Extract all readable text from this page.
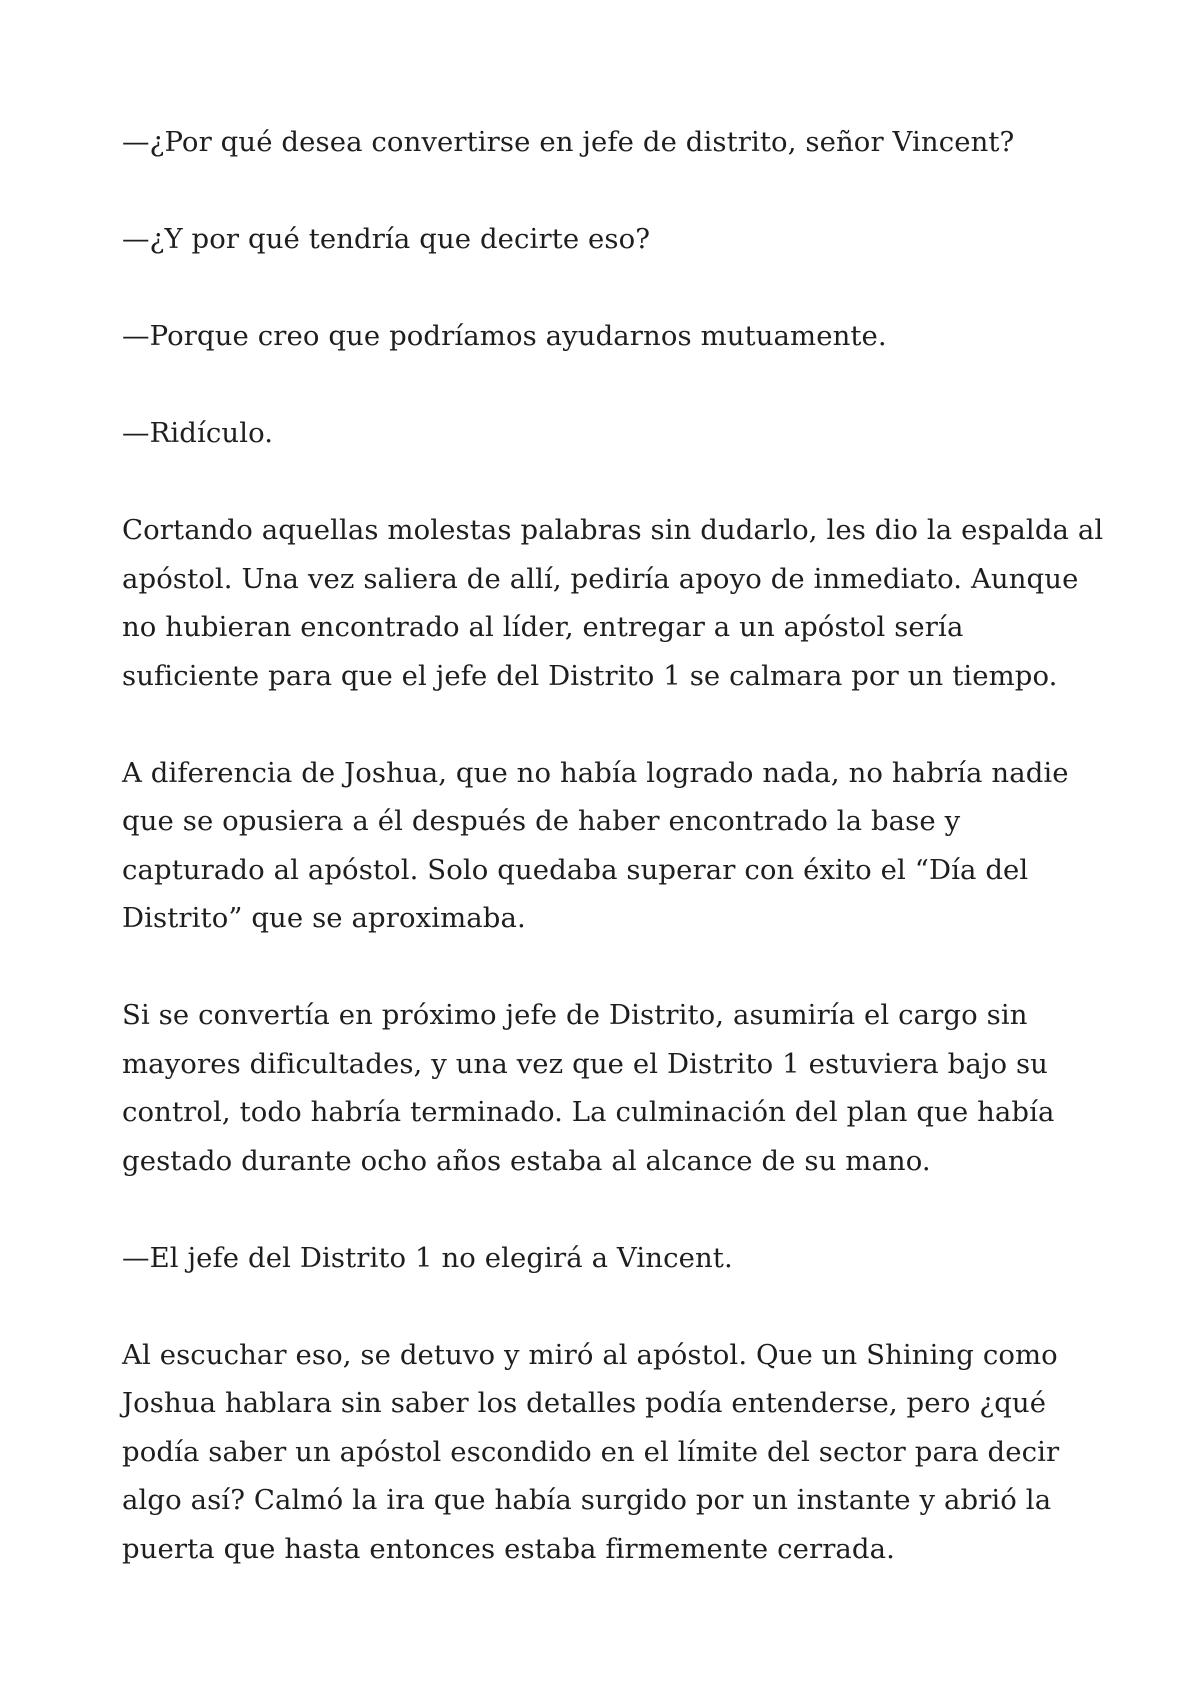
—¿Por qué desea convertirse en jefe de distrito, señor Vincent?

—¿Y por qué tendría que decirte eso?

—Porque creo que podríamos ayudarnos mutuamente.

—Ridículo.

Cortando aquellas molestas palabras sin dudarlo, les dio la espalda al
apóstol. Una vez saliera de allí, pediría apoyo de inmediato. Aunque
no hubieran encontrado al líder, entregar a un apóstol sería
suficiente para que el jefe del Distrito 1 se calmara por un tiempo.

A diferencia de Joshua, que no había logrado nada, no habría nadie
que se opusiera a él después de haber encontrado la base y
capturado al apóstol. Solo quedaba superar con éxito el “Día del
Distrito” que se aproximaba.

Si se convertía en próximo jefe de Distrito, asumiría el cargo sin
mayores dificultades, y una vez que el Distrito 1 estuviera bajo su
control, todo habría terminado. La culminación del plan que había
gestado durante ocho años estaba al alcance de su mano.

—El jefe del Distrito 1 no elegirá a Vincent.

Al escuchar eso, se detuvo y miró al apóstol. Que un Shining como
Joshua hablara sin saber los detalles podía entenderse, pero ¿qué
podía saber un apóstol escondido en el límite del sector para decir
algo así? Calmó la ira que había surgido por un instante y abrió la
puerta que hasta entonces estaba firmemente cerrada.
